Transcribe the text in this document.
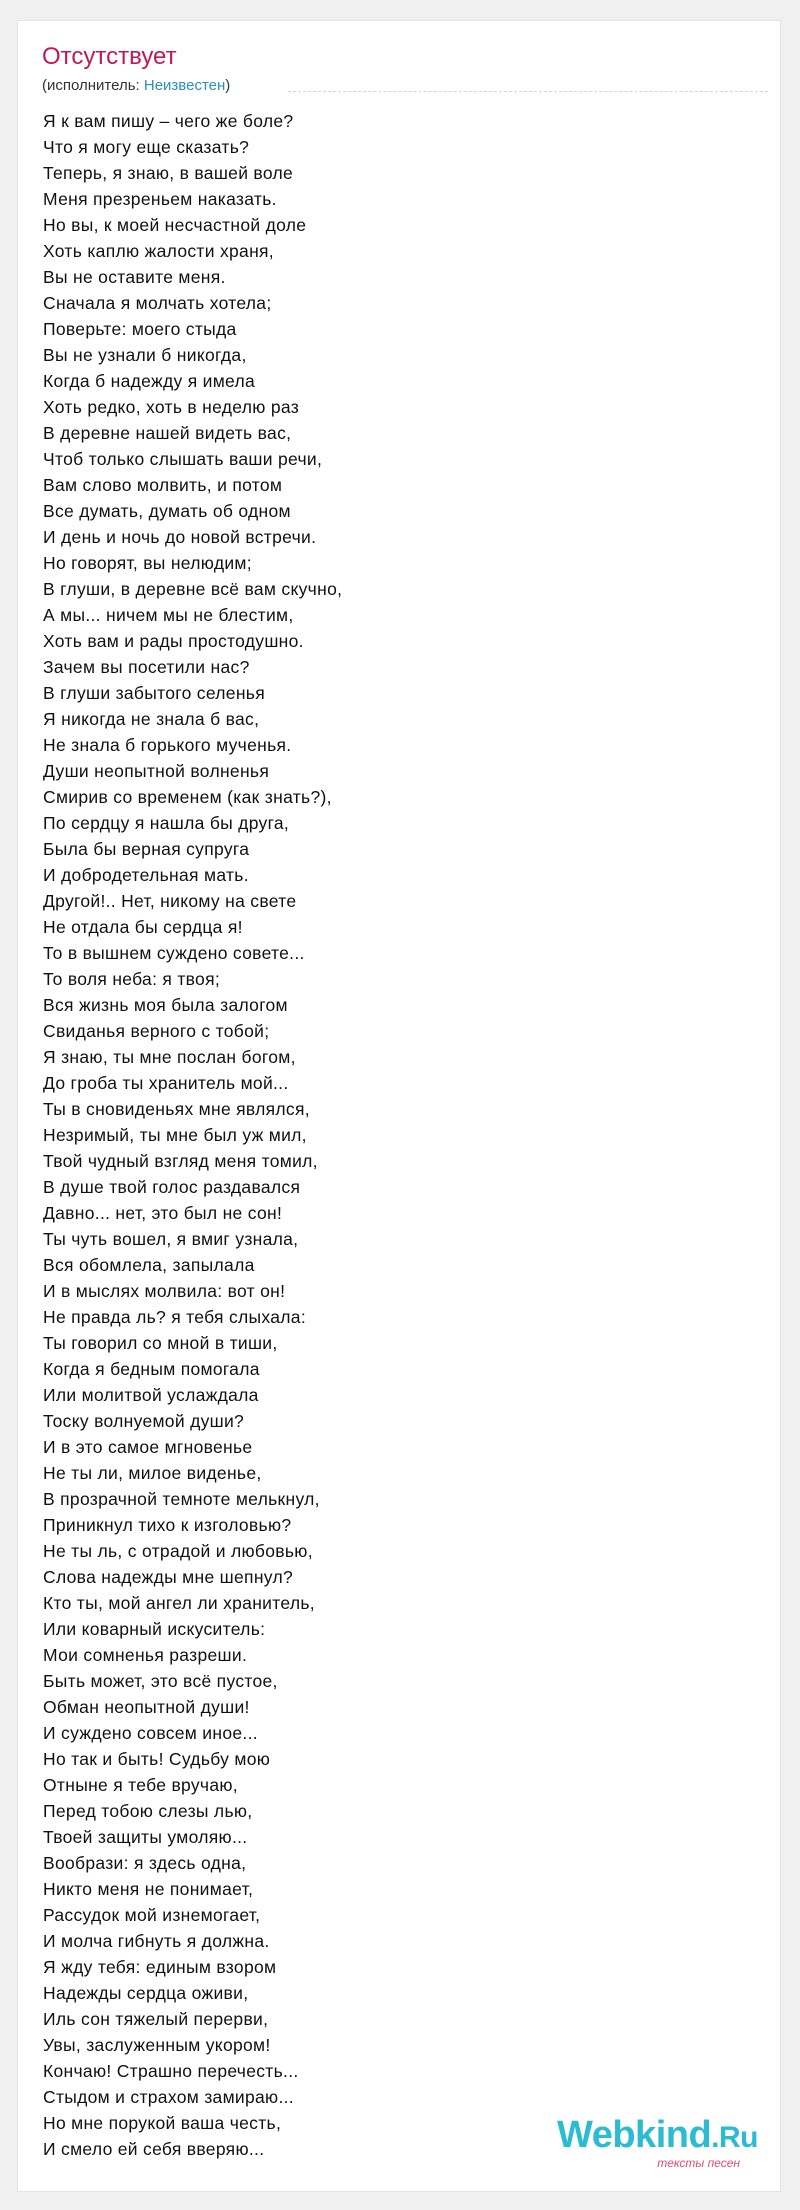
Отсутствует
(исполнитель: Неизвестен)
Я к вам пишу – чего же боле?
Что я могу еще сказать?
Теперь, я знаю, в вашей воле
Меня презреньем наказать.
Но вы, к моей несчастной доле
Хоть каплю жалости храня,
Вы не оставите меня.
Сначала я молчать хотела;
Поверьте: моего стыда
Вы не узнали б никогда,
Когда б надежду я имела
Хоть редко, хоть в неделю раз
В деревне нашей видеть вас,
Чтоб только слышать ваши речи,
Вам слово молвить, и потом
Все думать, думать об одном
И день и ночь до новой встречи.
Но говорят, вы нелюдим;
В глуши, в деревне всё вам скучно,
А мы... ничем мы не блестим,
Хоть вам и рады простодушно.
Зачем вы посетили нас?
В глуши забытого селенья
Я никогда не знала б вас,
Не знала б горького мученья.
Души неопытной волненья
Смирив со временем (как знать?),
По сердцу я нашла бы друга,
Была бы верная супруга
И добродетельная мать.
Другой!.. Нет, никому на свете
Не отдала бы сердца я!
То в вышнем суждено совете...
То воля неба: я твоя;
Вся жизнь моя была залогом
Свиданья верного с тобой;
Я знаю, ты мне послан богом,
До гроба ты хранитель мой...
Ты в сновиденьях мне являлся,
Незримый, ты мне был уж мил,
Твой чудный взгляд меня томил,
В душе твой голос раздавался
Давно... нет, это был не сон!
Ты чуть вошел, я вмиг узнала,
Вся обомлела, запылала
И в мыслях молвила: вот он!
Не правда ль? я тебя слыхала:
Ты говорил со мной в тиши,
Когда я бедным помогала
Или молитвой услаждала
Тоску волнуемой души?
И в это самое мгновенье
Не ты ли, милое виденье,
В прозрачной темноте мелькнул,
Приникнул тихо к изголовью?
Не ты ль, с отрадой и любовью,
Слова надежды мне шепнул?
Кто ты, мой ангел ли хранитель,
Или коварный искуситель:
Мои сомненья разреши.
Быть может, это всё пустое,
Обман неопытной души!
И суждено совсем иное...
Но так и быть! Судьбу мою
Отныне я тебе вручаю,
Перед тобою слезы лью,
Твоей защиты умоляю...
Вообрази: я здесь одна,
Никто меня не понимает,
Рассудок мой изнемогает,
И молча гибнуть я должна.
Я жду тебя: единым взором
Надежды сердца оживи,
Иль сон тяжелый перерви,
Увы, заслуженным укором!
Кончаю! Страшно перечесть...
Стыдом и страхом замираю...
Но мне порукой ваша честь,
И смело ей себя вверяю...	Webkind.Ru
тексты песен
